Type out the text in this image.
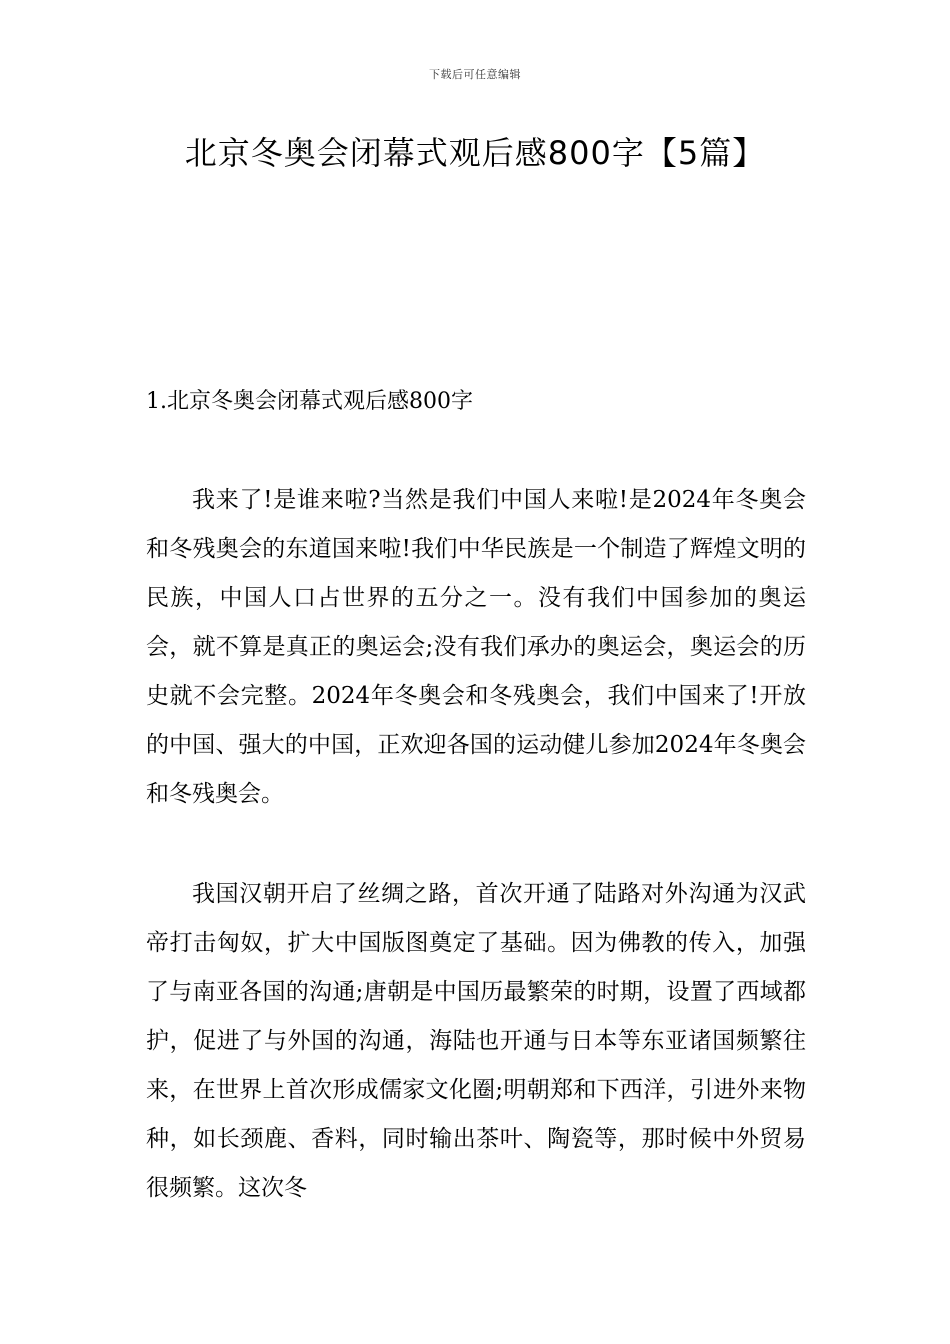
下载后可任意编辑
北京冬奥会闭幕式观后感800字【5篇】
1.北京冬奥会闭幕式观后感800字

我来了!是谁来啦?当然是我们中国人来啦!是2024年冬奥会和冬残奥会的东道国来啦!我们中华民族是一个制造了辉煌文明的民族，中国人口占世界的五分之一。没有我们中国参加的奥运会，就不算是真正的奥运会;没有我们承办的奥运会，奥运会的历史就不会完整。2024年冬奥会和冬残奥会，我们中国来了!开放的中国、强大的中国，正欢迎各国的运动健儿参加2024年冬奥会和冬残奥会。

我国汉朝开启了丝绸之路，首次开通了陆路对外沟通为汉武帝打击匈奴，扩大中国版图奠定了基础。因为佛教的传入，加强了与南亚各国的沟通;唐朝是中国历最繁荣的时期，设置了西域都护，促进了与外国的沟通，海陆也开通与日本等东亚诸国频繁往来，在世界上首次形成儒家文化圈;明朝郑和下西洋，引进外来物种，如长颈鹿、香料，同时输出茶叶、陶瓷等，那时候中外贸易很频繁。这次冬
